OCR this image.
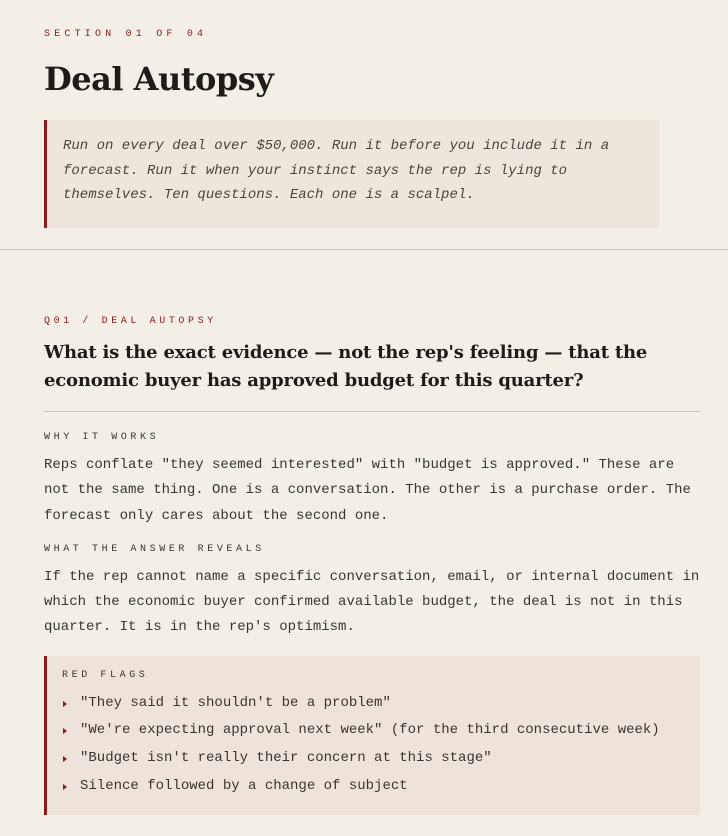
SECTION 01 OF 04

Deal Autopsy
Run on every deal over $50,000. Run it before you include it in a forecast. Run it when your instinct says the rep is lying to themselves. Ten questions. Each one is a scalpel.

Q01 / DEAL AUTOPSY

What is the exact evidence — not the rep's feeling — that the economic buyer has approved budget for this quarter?

WHY IT WORKS

Reps conflate "they seemed interested" with "budget is approved." These are not the same thing. One is a conversation. The other is a purchase order. The forecast only cares about the second one.

WHAT THE ANSWER REVEALS

If the rep cannot name a specific conversation, email, or internal document in which the economic buyer confirmed available budget, the deal is not in this quarter. It is in the rep's optimism.

RED FLAGS

"They said it shouldn't be a problem"
"We're expecting approval next week" (for the third consecutive week)
"Budget isn't really their concern at this stage"
Silence followed by a change of subject
